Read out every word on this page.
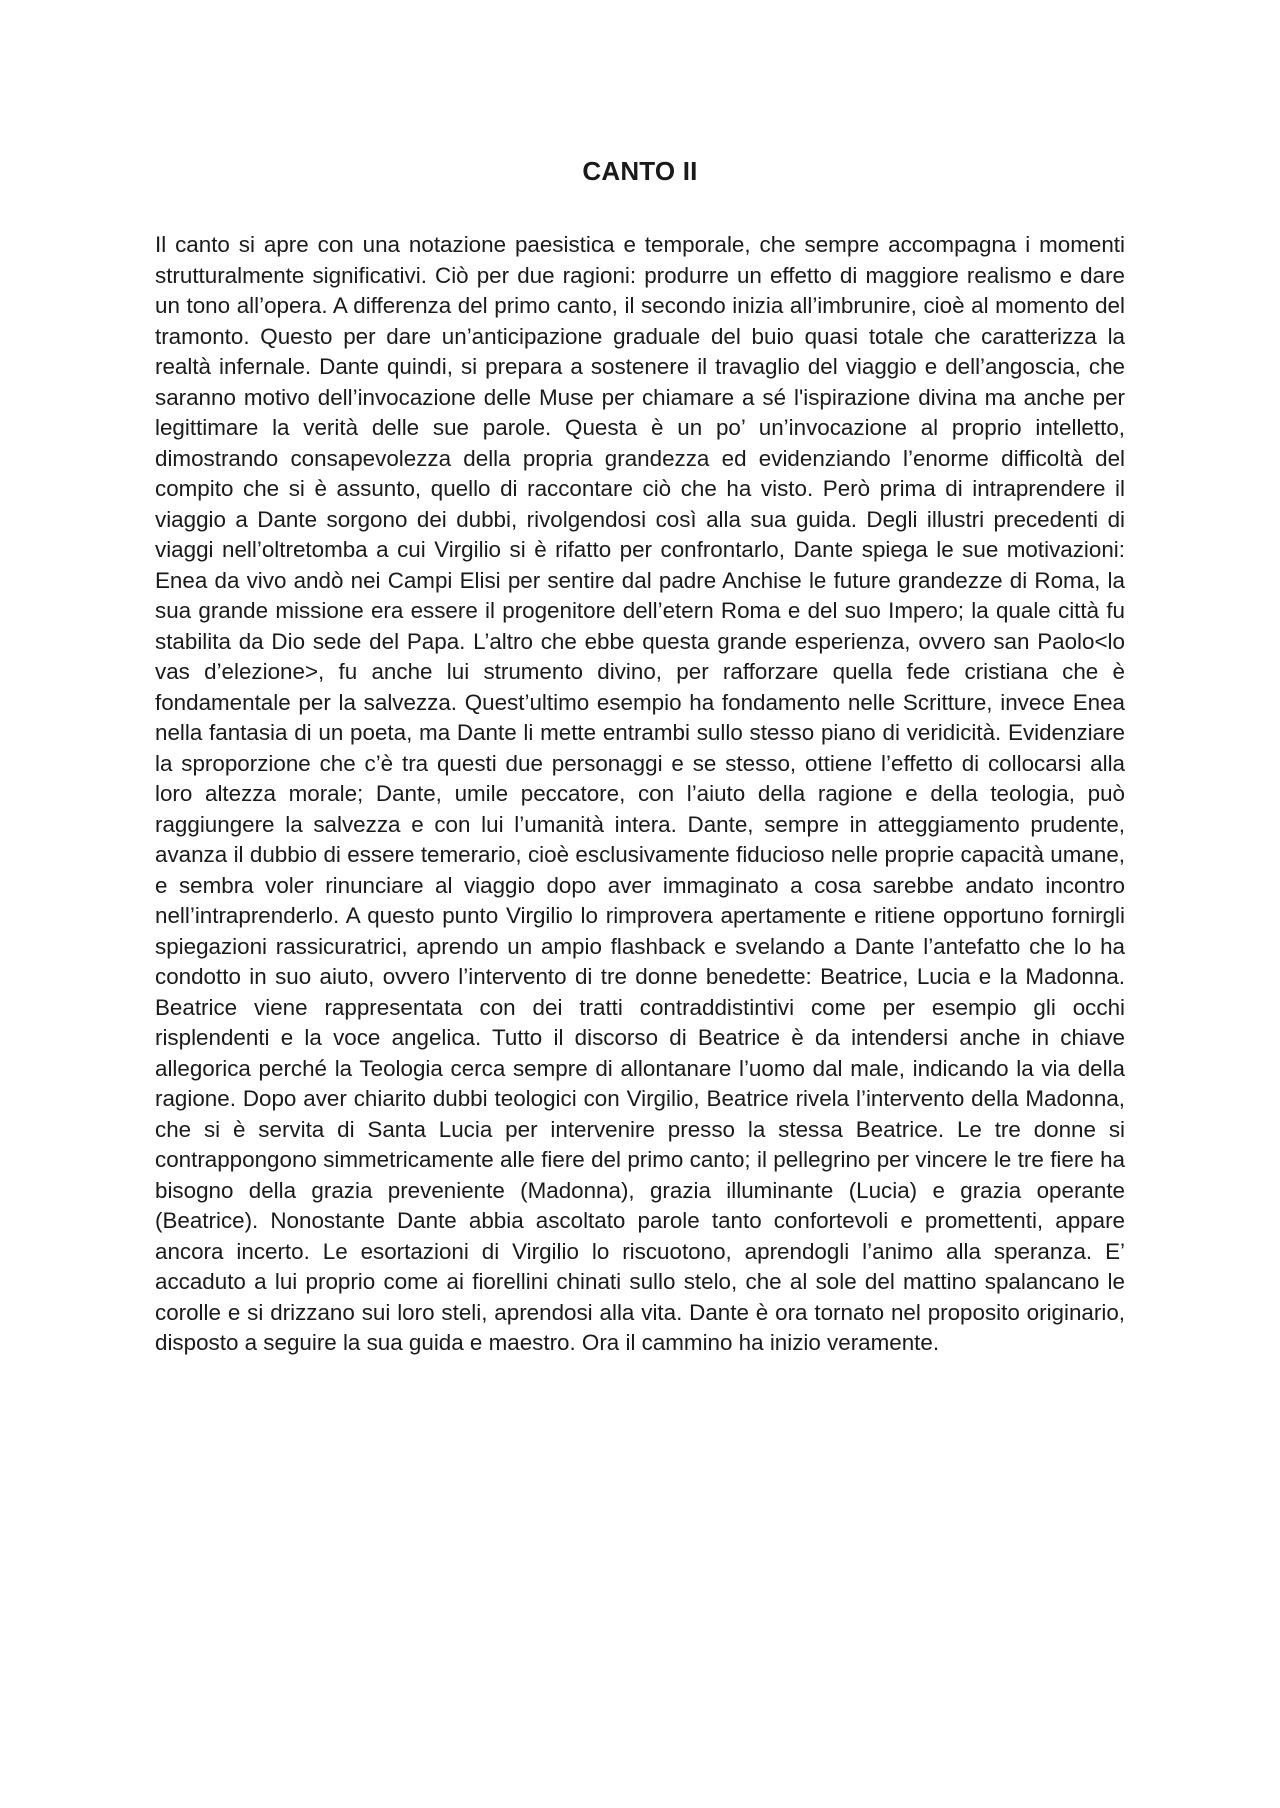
CANTO II

Il canto si apre con una notazione paesistica e temporale, che sempre accompagna i momenti strutturalmente significativi. Ciò per due ragioni: produrre un effetto di maggiore realismo e dare un tono all’opera. A differenza del primo canto, il secondo inizia all’imbrunire, cioè al momento del tramonto. Questo per dare un’anticipazione graduale del buio quasi totale che caratterizza la realtà infernale. Dante quindi, si prepara a sostenere il travaglio del viaggio e dell’angoscia, che saranno motivo dell’invocazione delle Muse per chiamare a sé l'ispirazione divina ma anche per legittimare la verità delle sue parole. Questa è un po’ un’invocazione al proprio intelletto, dimostrando consapevolezza della propria grandezza ed evidenziando l’enorme difficoltà del compito che si è assunto, quello di raccontare ciò che ha visto. Però prima di intraprendere il viaggio a Dante sorgono dei dubbi, rivolgendosi così alla sua guida. Degli illustri precedenti di viaggi nell’oltretomba a cui Virgilio si è rifatto per confrontarlo, Dante spiega le sue motivazioni: Enea da vivo andò nei Campi Elisi per sentire dal padre Anchise le future grandezze di Roma, la sua grande missione era essere il progenitore dell’etern Roma e del suo Impero; la quale città fu stabilita da Dio sede del Papa. L’altro che ebbe questa grande esperienza, ovvero san Paolo<lo vas d’elezione>, fu anche lui strumento divino, per rafforzare quella fede cristiana che è fondamentale per la salvezza. Quest’ultimo esempio ha fondamento nelle Scritture, invece Enea nella fantasia di un poeta, ma Dante li mette entrambi sullo stesso piano di veridicità. Evidenziare la sproporzione che c’è tra questi due personaggi e se stesso, ottiene l’effetto di collocarsi alla loro altezza morale; Dante, umile peccatore, con l’aiuto della ragione e della teologia, può raggiungere la salvezza e con lui l’umanità intera. Dante, sempre in atteggiamento prudente, avanza il dubbio di essere temerario, cioè esclusivamente fiducioso nelle proprie capacità umane, e sembra voler rinunciare al viaggio dopo aver immaginato a cosa sarebbe andato incontro nell’intraprenderlo. A questo punto Virgilio lo rimprovera apertamente e ritiene opportuno fornirgli spiegazioni rassicuratrici, aprendo un ampio flashback e svelando a Dante l’antefatto che lo ha condotto in suo aiuto, ovvero l’intervento di tre donne benedette: Beatrice, Lucia e la Madonna. Beatrice viene rappresentata con dei tratti contraddistintivi come per esempio gli occhi risplendenti e la voce angelica. Tutto il discorso di Beatrice è da intendersi anche in chiave allegorica perché la Teologia cerca sempre di allontanare l’uomo dal male, indicando la via della ragione. Dopo aver chiarito dubbi teologici con Virgilio, Beatrice rivela l’intervento della Madonna, che si è servita di Santa Lucia per intervenire presso la stessa Beatrice. Le tre donne si contrappongono simmetricamente alle fiere del primo canto; il pellegrino per vincere le tre fiere ha bisogno della grazia preveniente (Madonna), grazia illuminante (Lucia) e grazia operante (Beatrice). Nonostante Dante abbia ascoltato parole tanto confortevoli e promettenti, appare ancora incerto. Le esortazioni di Virgilio lo riscuotono, aprendogli l’animo alla speranza. E’ accaduto a lui proprio come ai fiorellini chinati sullo stelo, che al sole del mattino spalancano le corolle e si drizzano sui loro steli, aprendosi alla vita. Dante è ora tornato nel proposito originario, disposto a seguire la sua guida e maestro. Ora il cammino ha inizio veramente.
